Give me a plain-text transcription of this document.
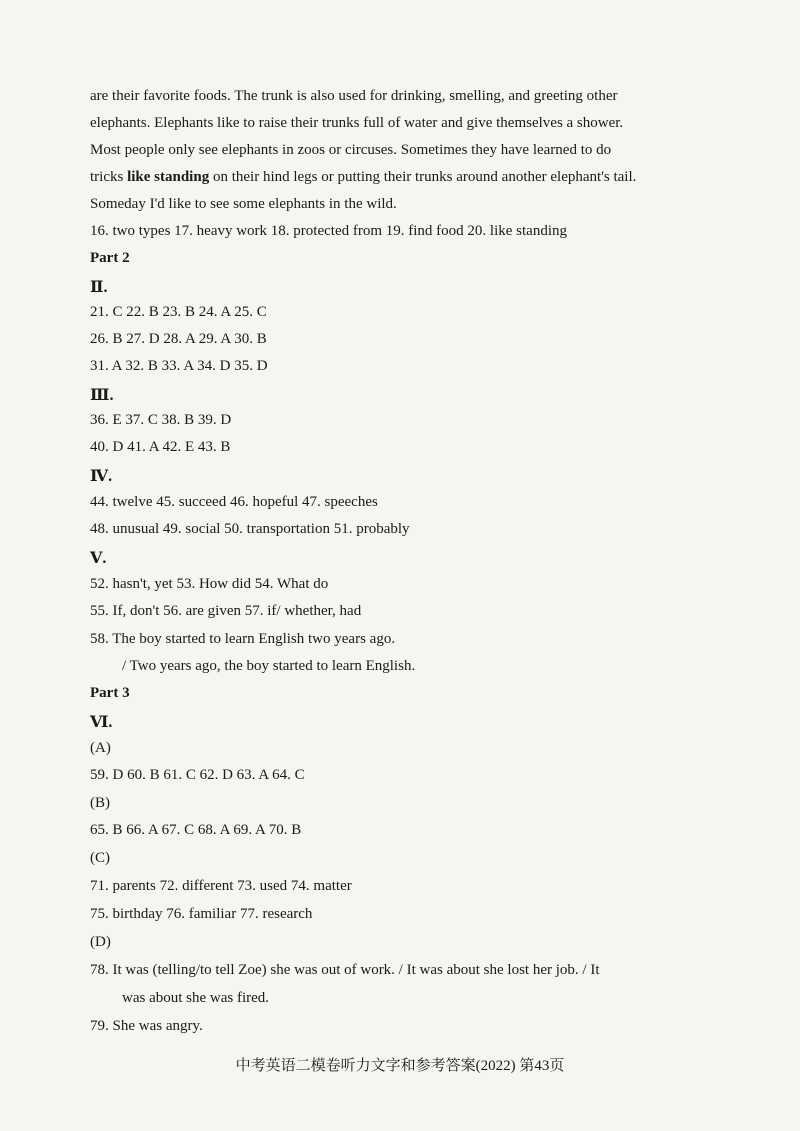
are their favorite foods. The trunk is also used for drinking, smelling, and greeting other

elephants. Elephants like to raise their trunks full of water and give themselves a shower.

Most people only see elephants in zoos or circuses. Sometimes they have learned to do

tricks like standing on their hind legs or putting their trunks around another elephant's tail.

Someday I'd like to see some elephants in the wild.

16. two types 17. heavy work 18. protected from 19. find food 20. like standing

Part 2

Ⅱ.

21. C 22. B 23. B 24. A 25. C

26. B 27. D 28. A 29. A 30. B

31. A 32. B 33. A 34. D 35. D

Ⅲ.

36. E 37. C 38. B 39. D

40. D 41. A 42. E 43. B

Ⅳ.

44. twelve 45. succeed 46. hopeful 47. speeches

48. unusual 49. social 50. transportation 51. probably

Ⅴ.

52. hasn't, yet 53. How did 54. What do

55. If, don't 56. are given 57. if/ whether, had

58. The boy started to learn English two years ago.

/ Two years ago, the boy started to learn English.

Part 3

Ⅵ.

(A)

59. D 60. B 61. C 62. D 63. A 64. C

(B)

65. B 66. A 67. C 68. A 69. A 70. B

(C)

71. parents 72. different 73. used 74. matter

75. birthday 76. familiar 77. research

(D)

78. It was (telling/to tell Zoe) she was out of work. / It was about she lost her job. / It

was about she was fired.

79. She was angry.

中考英语二模卷听力文字和参考答案(2022) 第43页
